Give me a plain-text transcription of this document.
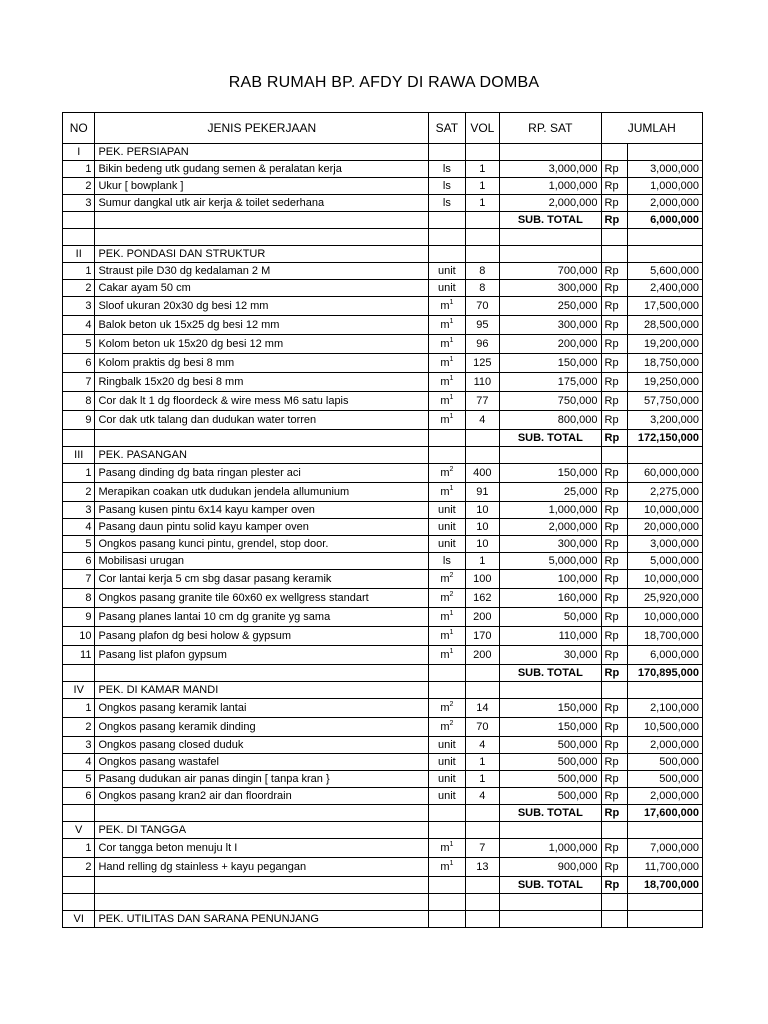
RAB RUMAH BP. AFDY DI RAWA DOMBA
NO	JENIS PEKERJAAN	SAT	VOL	RP. SAT	JUMLAH	
I	PEK. PERSIAPAN					
1	Bikin bedeng utk gudang semen & peralatan kerja	ls	1	3,000,000	Rp	3,000,000
2	Ukur [ bowplank ]	ls	1	1,000,000	Rp	1,000,000
3	Sumur dangkal utk air kerja & toilet sederhana	ls	1	2,000,000	Rp	2,000,000
				SUB. TOTAL	Rp	6,000,000

II	PEK. PONDASI DAN STRUKTUR					
1	Straust pile D30 dg kedalaman 2 M	unit	8	700,000	Rp	5,600,000
2	Cakar ayam 50 cm	unit	8	300,000	Rp	2,400,000
3	Sloof ukuran 20x30 dg besi 12 mm	$m^1$	70	250,000	Rp	17,500,000
4	Balok beton uk 15x25 dg besi 12 mm	$m^1$	95	300,000	Rp	28,500,000
5	Kolom beton uk 15x20 dg besi 12 mm	$m^1$	96	200,000	Rp	19,200,000
6	Kolom praktis dg besi 8 mm	$m^1$	125	150,000	Rp	18,750,000
7	Ringbalk 15x20 dg besi 8 mm	$m^1$	110	175,000	Rp	19,250,000
8	Cor dak lt 1 dg floordeck & wire mess M6 satu lapis	$m^1$	77	750,000	Rp	57,750,000
9	Cor dak utk talang dan dudukan water torren	$m^1$	4	800,000	Rp	3,200,000
				SUB. TOTAL	Rp	172,150,000
III	PEK. PASANGAN					
1	Pasang dinding dg bata ringan plester aci	$m^2$	400	150,000	Rp	60,000,000
2	Merapikan coakan utk dudukan jendela allumunium	$m^1$	91	25,000	Rp	2,275,000
3	Pasang kusen pintu 6x14 kayu kamper oven	unit	10	1,000,000	Rp	10,000,000
4	Pasang daun pintu solid kayu kamper oven	unit	10	2,000,000	Rp	20,000,000
5	Ongkos pasang kunci pintu, grendel, stop door.	unit	10	300,000	Rp	3,000,000
6	Mobilisasi urugan	ls	1	5,000,000	Rp	5,000,000
7	Cor lantai kerja 5 cm sbg dasar pasang keramik	$m^2$	100	100,000	Rp	10,000,000
8	Ongkos pasang granite tile 60x60 ex wellgress standart	$m^2$	162	160,000	Rp	25,920,000
9	Pasang planes lantai 10 cm dg granite yg sama	$m^1$	200	50,000	Rp	10,000,000
10	Pasang plafon dg besi holow & gypsum	$m^1$	170	110,000	Rp	18,700,000
11	Pasang list plafon gypsum	$m^1$	200	30,000	Rp	6,000,000
				SUB. TOTAL	Rp	170,895,000
IV	PEK. DI KAMAR MANDI					
1	Ongkos pasang keramik lantai	$m^2$	14	150,000	Rp	2,100,000
2	Ongkos pasang keramik dinding	$m^2$	70	150,000	Rp	10,500,000
3	Ongkos pasang closed duduk	unit	4	500,000	Rp	2,000,000
4	Ongkos pasang wastafel	unit	1	500,000	Rp	500,000
5	Pasang dudukan air panas dingin [ tanpa kran }	unit	1	500,000	Rp	500,000
6	Ongkos pasang kran2 air dan floordrain	unit	4	500,000	Rp	2,000,000
				SUB. TOTAL	Rp	17,600,000
V	PEK. DI TANGGA					
1	Cor tangga beton menuju lt I	$m^1$	7	1,000,000	Rp	7,000,000
2	Hand relling dg stainless + kayu pegangan	$m^1$	13	900,000	Rp	11,700,000
				SUB. TOTAL	Rp	18,700,000

VI	PEK. UTILITAS DAN SARANA PENUNJANG					
